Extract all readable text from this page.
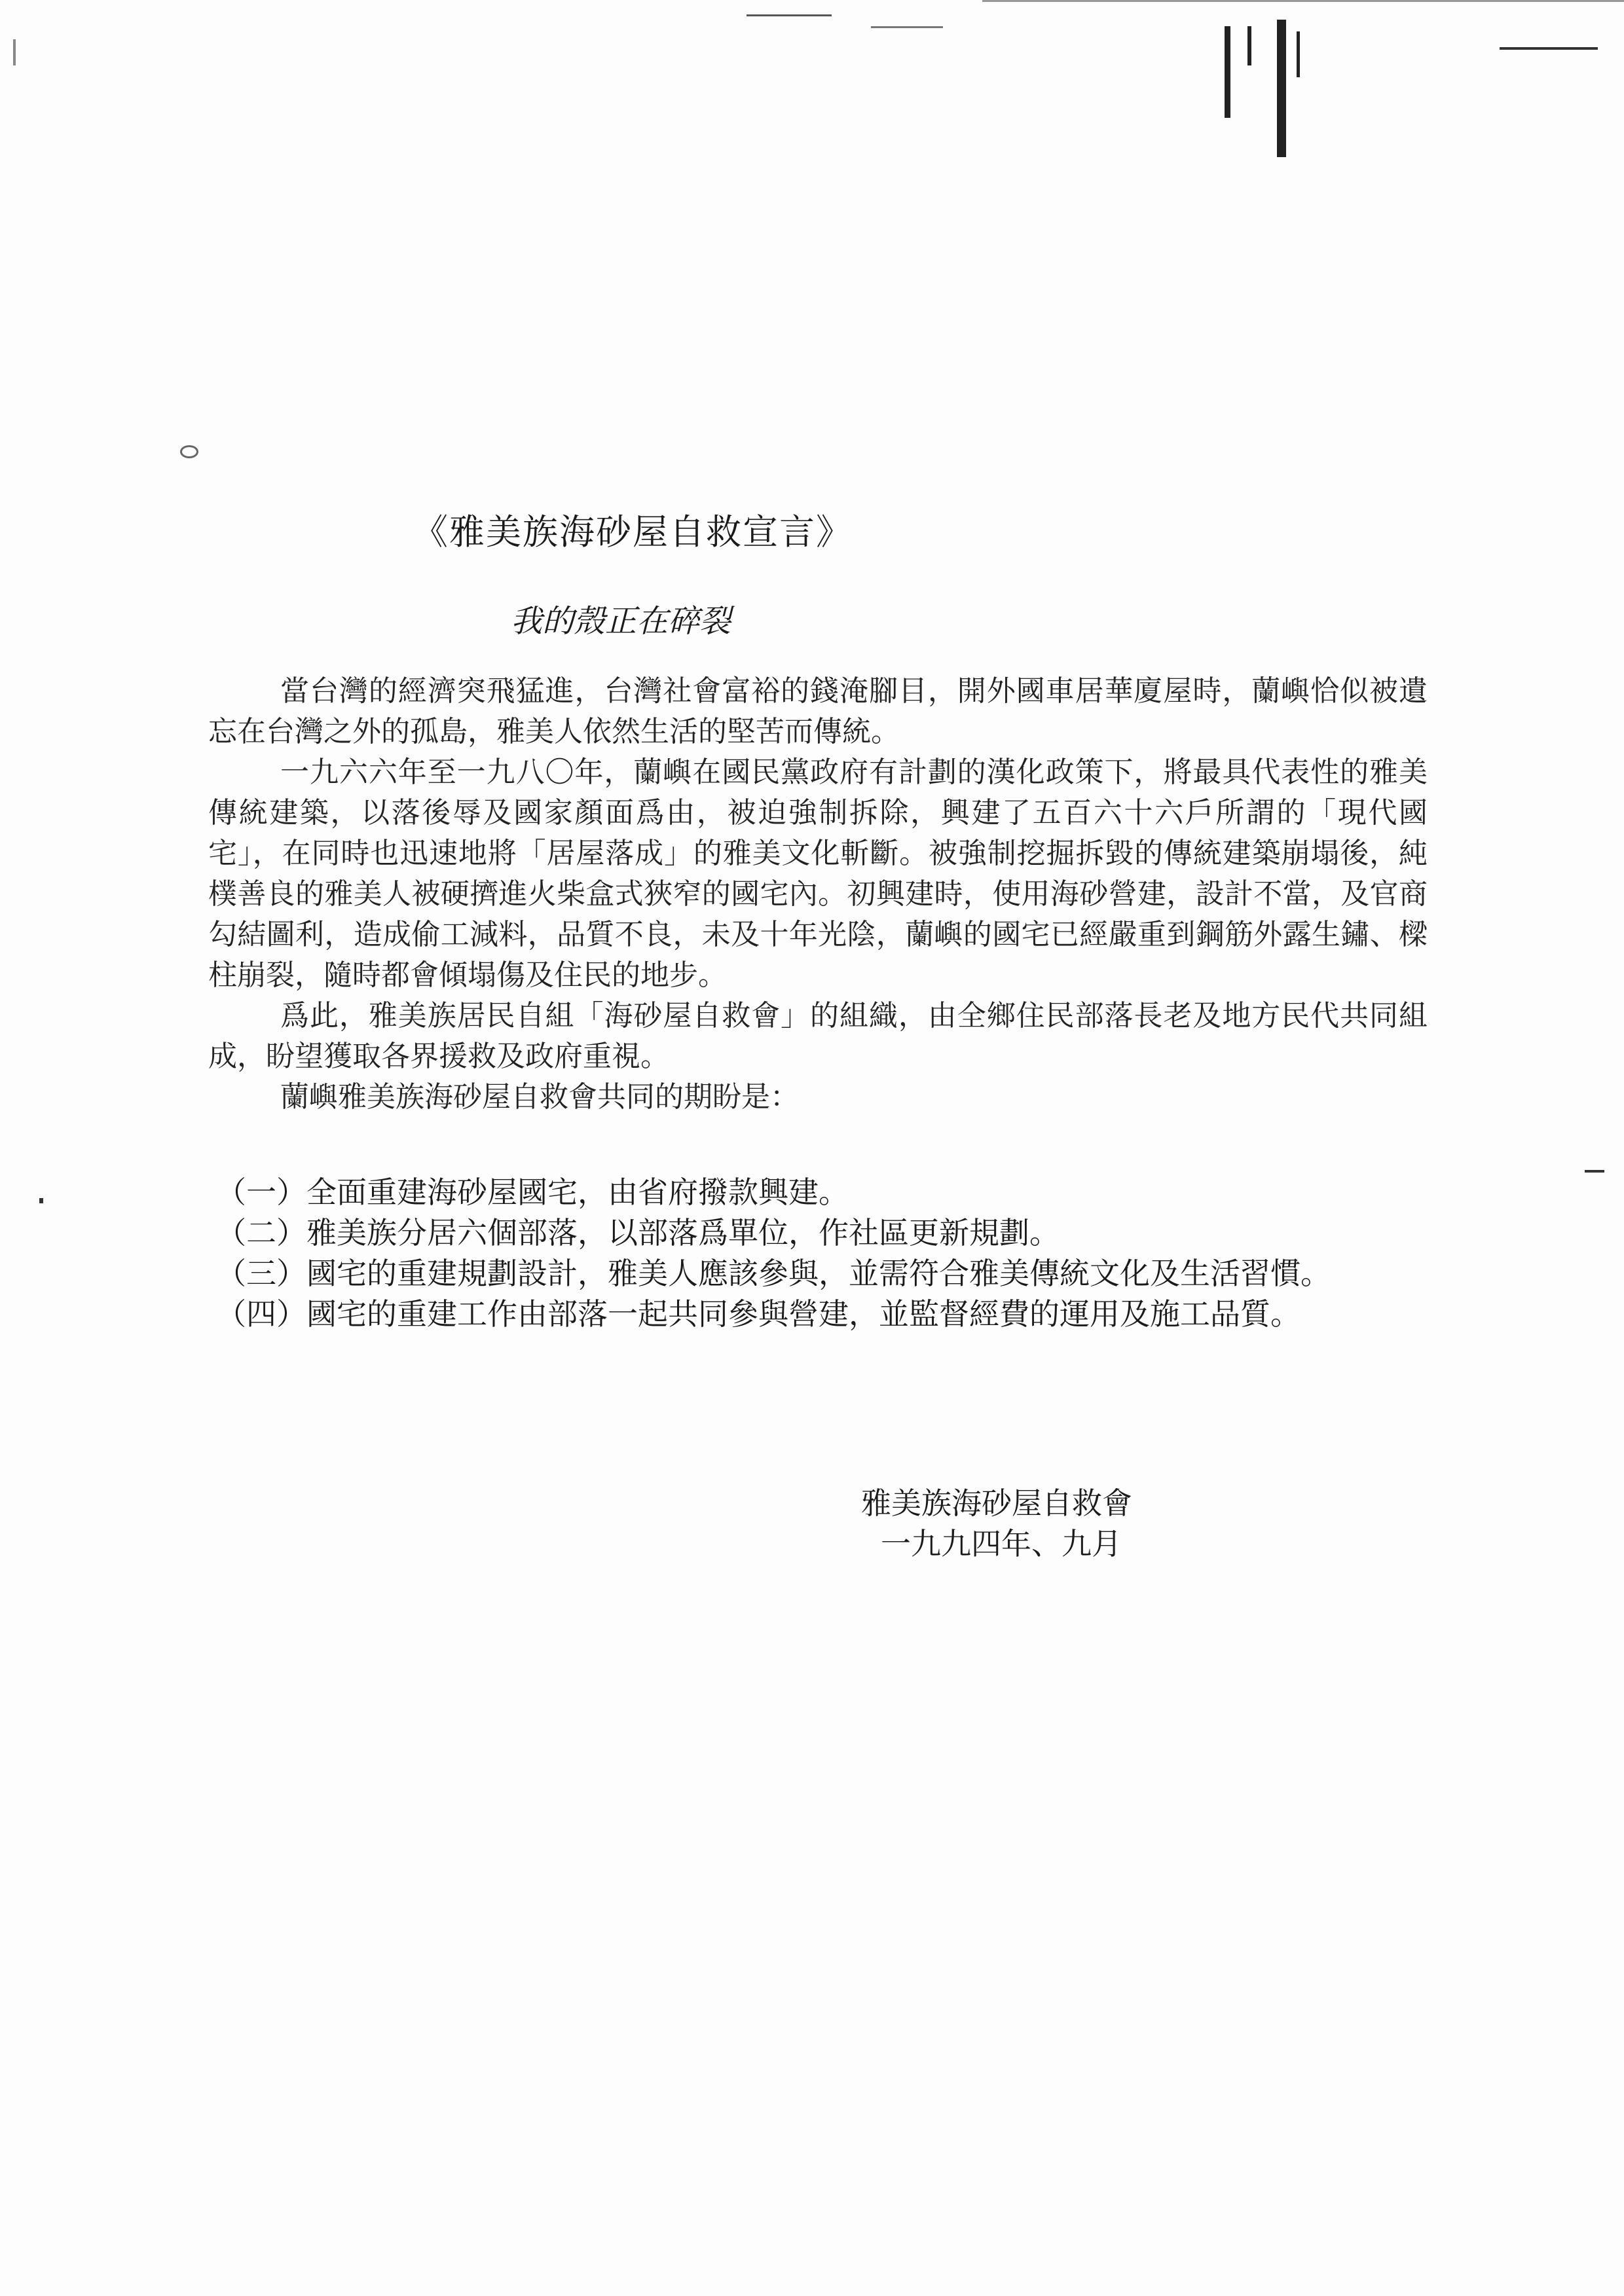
《雅美族海砂屋自救宣言》
我的殼正在碎裂

當台灣的經濟突飛猛進，台灣社會富裕的錢淹腳目，開外國車居華廈屋時，蘭嶼恰似被遺忘在台灣之外的孤島，雅美人依然生活的堅苦而傳統。

一九六六年至一九八〇年，蘭嶼在國民黨政府有計劃的漢化政策下，將最具代表性的雅美傳統建築，以落後辱及國家顏面爲由，被迫強制拆除，興建了五百六十六戶所謂的「現代國宅」，在同時也迅速地將「居屋落成」的雅美文化斬斷。被強制挖掘拆毀的傳統建築崩塌後，純樸善良的雅美人被硬擠進火柴盒式狹窄的國宅內。初興建時，使用海砂營建，設計不當，及官商勾結圖利，造成偷工減料，品質不良，未及十年光陰，蘭嶼的國宅已經嚴重到鋼筋外露生鏽、樑柱崩裂，隨時都會傾塌傷及住民的地步。

爲此，雅美族居民自組「海砂屋自救會」的組織，由全鄉住民部落長老及地方民代共同組成，盼望獲取各界援救及政府重視。

蘭嶼雅美族海砂屋自救會共同的期盼是：

（一）全面重建海砂屋國宅，由省府撥款興建。
（二）雅美族分居六個部落，以部落爲單位，作社區更新規劃。
（三）國宅的重建規劃設計，雅美人應該參與，並需符合雅美傳統文化及生活習慣。
（四）國宅的重建工作由部落一起共同參與營建，並監督經費的運用及施工品質。
雅美族海砂屋自救會
一九九四年、九月
